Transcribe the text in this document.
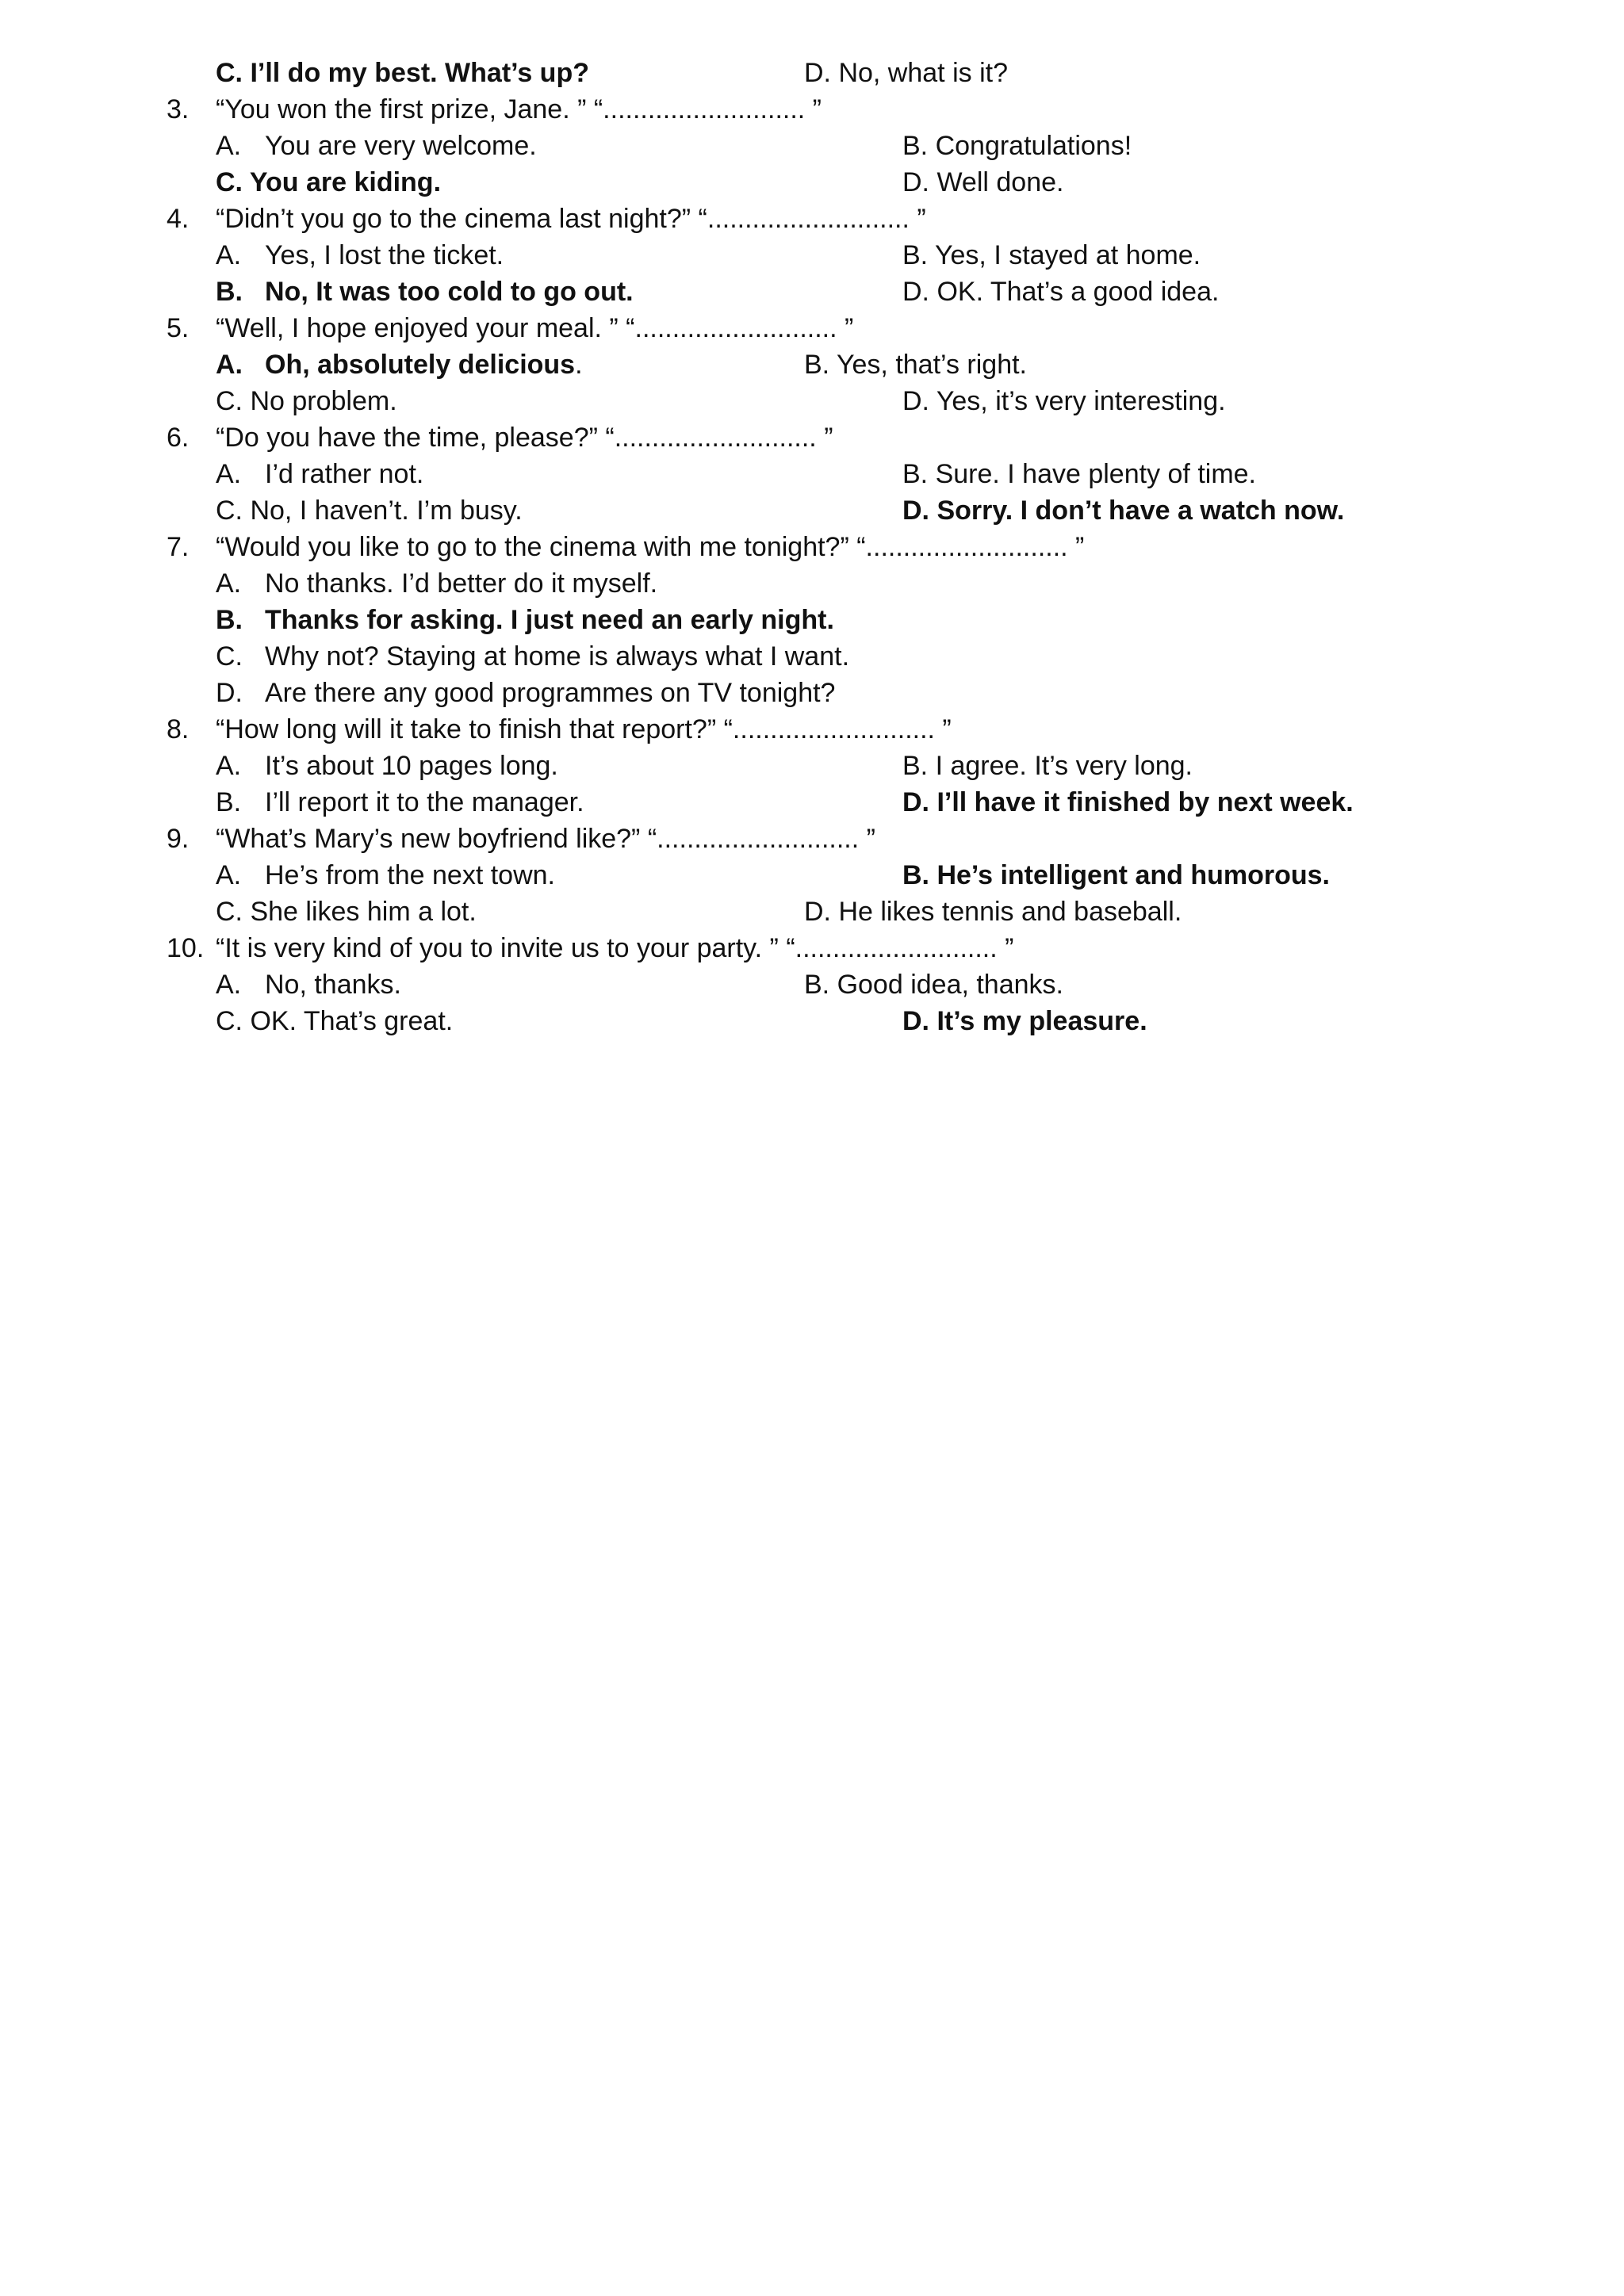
C. I’ll do my best. What’s up?	D. No, what is it?
3. “You won the first prize, Jane. ” “........................... ”
A. You are very welcome.	B. Congratulations!
C. You are kiding.	D. Well done.
4. “Didn’t you go to the cinema last night?” “........................... ”
A. Yes, I lost the ticket.	B. Yes, I stayed at home.
B. No, It was too cold to go out.	D. OK. That’s a good idea.
5. “Well, I hope enjoyed your meal. ” “........................... ”
A. Oh, absolutely delicious.	B. Yes, that’s right.
C. No problem.	D. Yes, it’s very interesting.
6. “Do you have the time, please?” “........................... ”
A. I’d rather not.	B. Sure. I have plenty of time.
C. No, I haven’t. I’m busy.	D. Sorry. I don’t have a watch now.
7. “Would you like to go to the cinema with me tonight?” “........................... ”
A. No thanks. I’d better do it myself.
B. Thanks for asking. I just need an early night.
C. Why not? Staying at home is always what I want.
D. Are there any good programmes on TV tonight?
8. “How long will it take to finish that report?” “........................... ”
A. It’s about 10 pages long.	B. I agree. It’s very long.
B. I’ll report it to the manager.	D. I’ll have it finished by next week.
9. “What’s Mary’s new boyfriend like?” “........................... ”
A. He’s from the next town.	B. He’s intelligent and humorous.
C. She likes him a lot.	D. He likes tennis and baseball.
10. “It is very kind of you to invite us to your party. ” “........................... ”
A. No, thanks.	B. Good idea, thanks.
C. OK. That’s great.	D. It’s my pleasure.
